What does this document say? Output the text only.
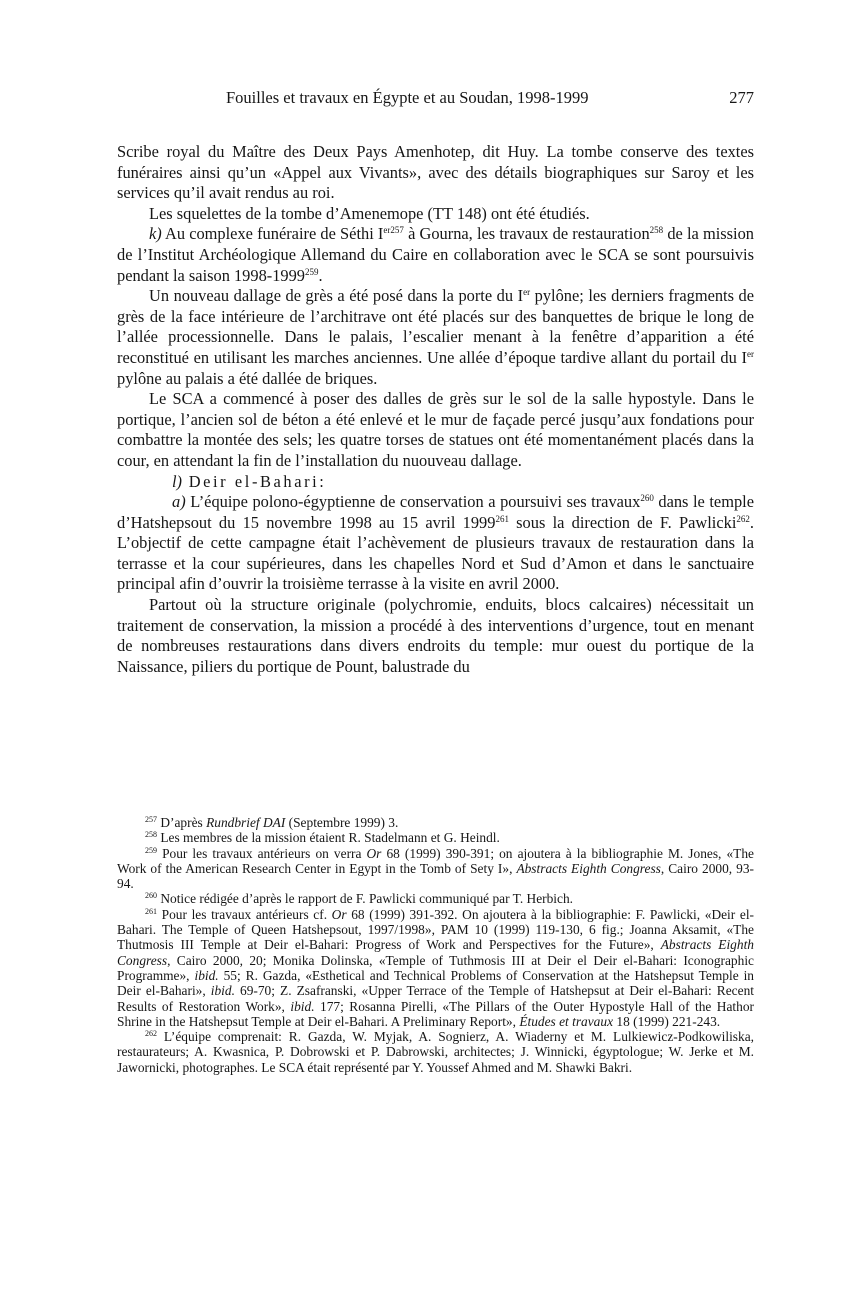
Fouilles et travaux en Égypte et au Soudan, 1998-1999	277

Scribe royal du Maître des Deux Pays Amenhotep, dit Huy. La tombe conserve des textes funéraires ainsi qu’un «Appel aux Vivants», avec des détails biographiques sur Saroy et les services qu’il avait rendus au roi.

Les squelettes de la tombe d’Amenemope (TT 148) ont été étudiés.

k) Au complexe funéraire de Séthi $I^{er257}$ à Gourna, les travaux de restauration$^{258}$ de la mission de l’Institut Archéologique Allemand du Caire en collaboration avec le SCA se sont poursuivis pendant la saison 1998-1999$^{259}$.

Un nouveau dallage de grès a été posé dans la porte du Ier pylône; les derniers fragments de grès de la face intérieure de l’architrave ont été placés sur des banquettes de brique le long de l’allée processionnelle. Dans le palais, l’escalier menant à la fenêtre d’apparition a été reconstitué en utilisant les marches anciennes. Une allée d’époque tardive allant du portail du Ier pylône au palais a été dallée de briques.

Le SCA a commencé à poser des dalles de grès sur le sol de la salle hypostyle. Dans le portique, l’ancien sol de béton a été enlevé et le mur de façade percé jusqu’aux fondations pour combattre la montée des sels; les quatre torses de statues ont été momentanément placés dans la cour, en attendant la fin de l’installation du nuouveau dallage.

l) Deir el-Bahari:

a) L’équipe polono-égyptienne de conservation a poursuivi ses travaux$^{260}$ dans le temple d’Hatshepsout du 15 novembre 1998 au 15 avril 1999$^{261}$ sous la direction de F. Pawlicki$^{262}$. L’objectif de cette campagne était l’achèvement de plusieurs travaux de restauration dans la terrasse et la cour supérieures, dans les chapelles Nord et Sud d’Amon et dans le sanctuaire principal afin d’ouvrir la troisième terrasse à la visite en avril 2000.

Partout où la structure originale (polychromie, enduits, blocs calcaires) nécessitait un traitement de conservation, la mission a procédé à des interventions d’urgence, tout en menant de nombreuses restaurations dans divers endroits du temple: mur ouest du portique de la Naissance, piliers du portique de Pount, balustrade du

$^{257}$ D’après Rundbrief DAI (Septembre 1999) 3.

$^{258}$ Les membres de la mission étaient R. Stadelmann et G. Heindl.

$^{259}$ Pour les travaux antérieurs on verra Or 68 (1999) 390-391; on ajoutera à la bibliographie M. Jones, «The Work of the American Research Center in Egypt in the Tomb of Sety I», Abstracts Eighth Congress, Cairo 2000, 93-94.

$^{260}$ Notice rédigée d’après le rapport de F. Pawlicki communiqué par T. Herbich.

$^{261}$ Pour les travaux antérieurs cf. Or 68 (1999) 391-392. On ajoutera à la bibliographie: F. Pawlicki, «Deir el-Bahari. The Temple of Queen Hatshepsout, 1997/1998», PAM 10 (1999) 119-130, 6 fig.; Joanna Aksamit, «The Thutmosis III Temple at Deir el-Bahari: Progress of Work and Perspectives for the Future», Abstracts Eighth Congress, Cairo 2000, 20; Monika Dolinska, «Temple of Tuthmosis III at Deir el Deir el-Bahari: Iconographic Programme», ibid. 55; R. Gazda, «Esthetical and Technical Problems of Conservation at the Hatshepsut Temple in Deir el-Bahari», ibid. 69-70; Z. Zsafranski, «Upper Terrace of the Temple of Hatshepsut at Deir el-Bahari: Recent Results of Restoration Work», ibid. 177; Rosanna Pirelli, «The Pillars of the Outer Hypostyle Hall of the Hathor Shrine in the Hatshepsut Temple at Deir el-Bahari. A Preliminary Report», Études et travaux 18 (1999) 221-243.

$^{262}$ L’équipe comprenait: R. Gazda, W. Myjak, A. Sognierz, A. Wiaderny et M. Lulkiewicz-Podkowiliska, restaurateurs; A. Kwasnica, P. Dobrowski et P. Dabrowski, architectes; J. Winnicki, égyptologue; W. Jerke et M. Jawornicki, photographes. Le SCA était représenté par Y. Youssef Ahmed and M. Shawki Bakri.
